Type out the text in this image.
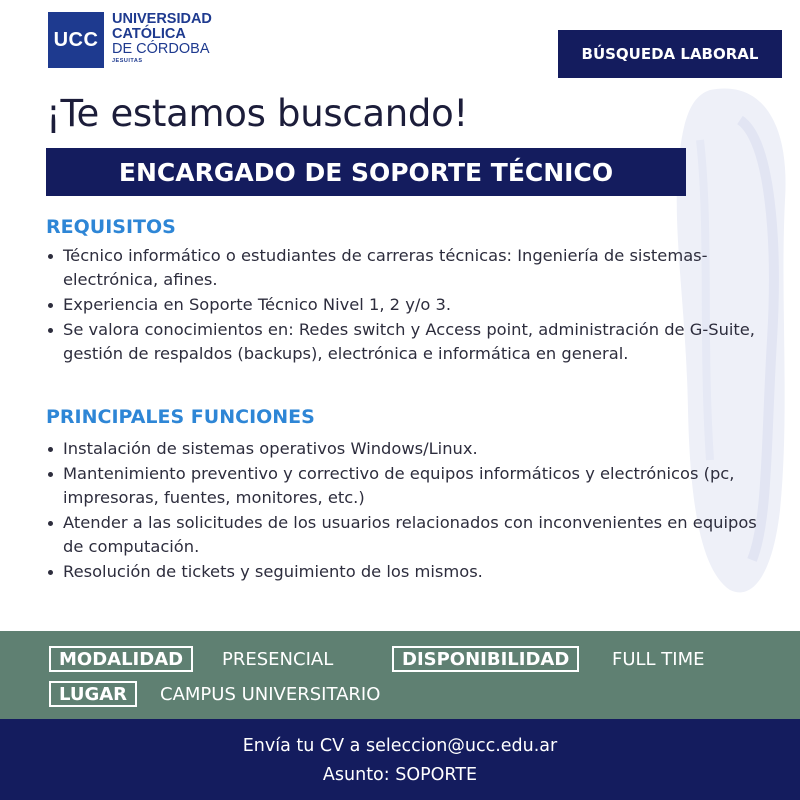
UCC
UNIVERSIDAD
CATÓLICA
DE CÓRDOBA
JESUITAS	BÚSQUEDA LABORAL
¡Te estamos buscando!
ENCARGADO DE SOPORTE TÉCNICO
REQUISITOS
Técnico informático o estudiantes de carreras técnicas: Ingeniería de sistemas- electrónica, afines.
Experiencia en Soporte Técnico Nivel 1, 2 y/o 3.
Se valora conocimientos en: Redes switch y Access point, administración de G-Suite, gestión de respaldos (backups), electrónica e informática en general.
PRINCIPALES FUNCIONES
Instalación de sistemas operativos Windows/Linux.
Mantenimiento preventivo y correctivo de equipos informáticos y electrónicos (pc, impresoras, fuentes, monitores, etc.)
Atender a las solicitudes de los usuarios relacionados con inconvenientes en equipos de computación.
Resolución de tickets y seguimiento de los mismos.
MODALIDAD	PRESENCIAL	DISPONIBILIDAD	FULL TIME
LUGAR	CAMPUS UNIVERSITARIO
Envía tu CV a seleccion@ucc.edu.ar
Asunto: SOPORTE
